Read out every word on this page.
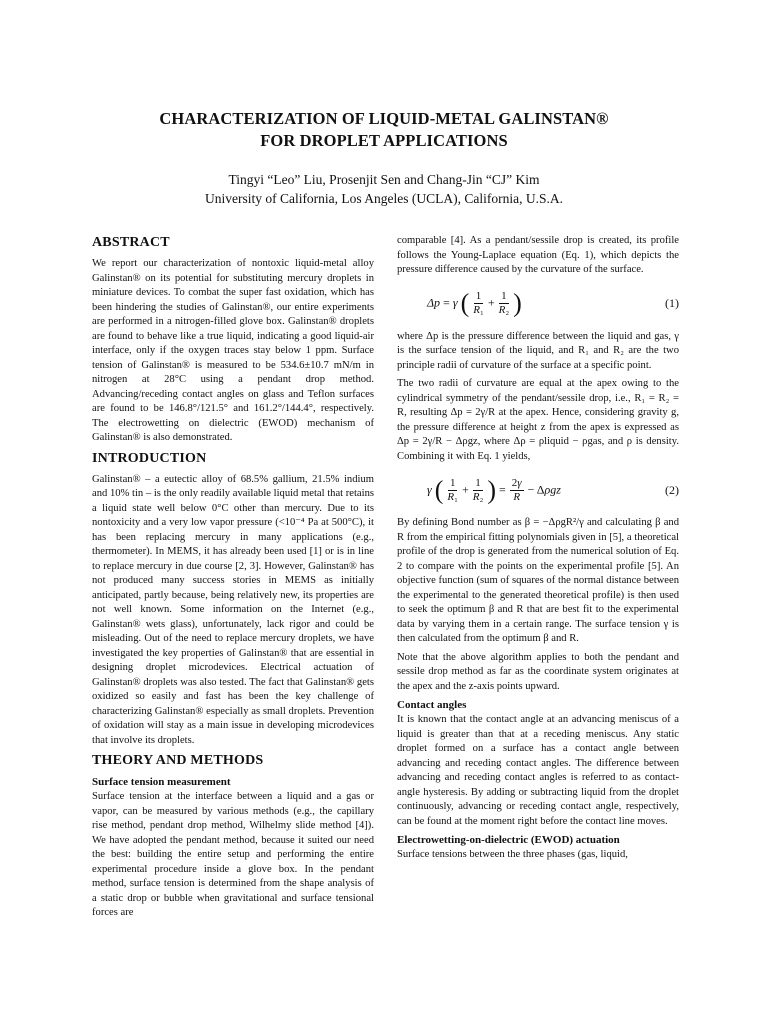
CHARACTERIZATION OF LIQUID-METAL GALINSTAN®
FOR DROPLET APPLICATIONS
Tingyi “Leo” Liu, Prosenjit Sen and Chang-Jin “CJ” Kim
University of California, Los Angeles (UCLA), California, U.S.A.
ABSTRACT

We report our characterization of nontoxic liquid-metal alloy Galinstan® on its potential for substituting mercury droplets in miniature devices. To combat the super fast oxidation, which has been hindering the studies of Galinstan®, our entire experiments are performed in a nitrogen-filled glove box. Galinstan® droplets are found to behave like a true liquid, indicating a good liquid-air interface, only if the oxygen traces stay below 1 ppm. Surface tension of Galinstan® is measured to be 534.6±10.7 mN/m in nitrogen at 28°C using a pendant drop method. Advancing/receding contact angles on glass and Teflon surfaces are found to be 146.8°/121.5° and 161.2°/144.4°, respectively. The electrowetting on dielectric (EWOD) mechanism of Galinstan® is also demonstrated.

INTRODUCTION

Galinstan® – a eutectic alloy of 68.5% gallium, 21.5% indium and 10% tin – is the only readily available liquid metal that retains a liquid state well below 0°C other than mercury. Due to its nontoxicity and a very low vapor pressure (<10⁻⁴ Pa at 500°C), it has been replacing mercury in many applications (e.g., thermometer). In MEMS, it has already been used [1] or is in line to replace mercury in due course [2, 3]. However, Galinstan® has not produced many success stories in MEMS as initially anticipated, partly because, being relatively new, its properties are not well known. Some information on the Internet (e.g., Galinstan® wets glass), unfortunately, lack rigor and could be misleading. Out of the need to replace mercury droplets, we have investigated the key properties of Galinstan® that are essential in designing droplet microdevices. Electrical actuation of Galinstan® droplets was also tested. The fact that Galinstan® gets oxidized so easily and fast has been the key challenge of characterizing Galinstan® especially as small droplets. Prevention of oxidation will stay as a main issue in developing microdevices that involve its droplets.

THEORY AND METHODS
Surface tension measurement

Surface tension at the interface between a liquid and a gas or vapor, can be measured by various methods (e.g., the capillary rise method, pendant drop method, Wilhelmy slide method [4]). We have adopted the pendant method, because it suited our need the best: building the entire setup and performing the entire experimental procedure inside a glove box. In the pendant method, surface tension is determined from the shape analysis of a static drop or bubble when gravitational and surface tensional forces are

comparable [4]. As a pendant/sessile drop is created, its profile follows the Young-Laplace equation (Eq. 1), which depicts the pressure difference caused by the curvature of the surface.

Δp = γ ( $\frac{1}{\text{R₁}} + \frac{1}{\text{R₂}}$ )	(1)

where Δp is the pressure difference between the liquid and gas, γ is the surface tension of the liquid, and R₁ and R₂ are the two principle radii of curvature of the surface at a specific point.

The two radii of curvature are equal at the apex owing to the cylindrical symmetry of the pendant/sessile drop, i.e., R₁ = R₂ = R, resulting Δp = 2γ/R at the apex. Hence, considering gravity g, the pressure difference at height z from the apex is expressed as Δp = 2γ/R − Δρgz, where Δρ = ρliquid − ρgas, and ρ is density. Combining it with Eq. 1 yields,

γ ( $\frac{1}{\text{R₁}} + \frac{1}{\text{R₂}}$ ) = $\frac{2\gamma}{R} - \Delta\rho gz$	(2)

By defining Bond number as β = −ΔρgR²/γ and calculating β and R from the empirical fitting polynomials given in [5], a theoretical profile of the drop is generated from the numerical solution of Eq. 2 to compare with the points on the experimental profile [5]. An objective function (sum of squares of the normal distance between the experimental to the generated theoretical profile) is then used to seek the optimum β and R that are best fit to the experimental data by varying them in a certain range. The surface tension γ is then calculated from the optimum β and R.

Note that the above algorithm applies to both the pendant and sessile drop method as far as the coordinate system originates at the apex and the z-axis points upward.

Contact angles

It is known that the contact angle at an advancing meniscus of a liquid is greater than that at a receding meniscus. Any static droplet formed on a surface has a contact angle between advancing and receding contact angles. The difference between advancing and receding contact angles is referred to as contact-angle hysteresis. By adding or subtracting liquid from the droplet continuously, advancing or receding contact angle, respectively, can be found at the moment right before the contact line moves.

Electrowetting-on-dielectric (EWOD) actuation

Surface tensions between the three phases (gas, liquid,
